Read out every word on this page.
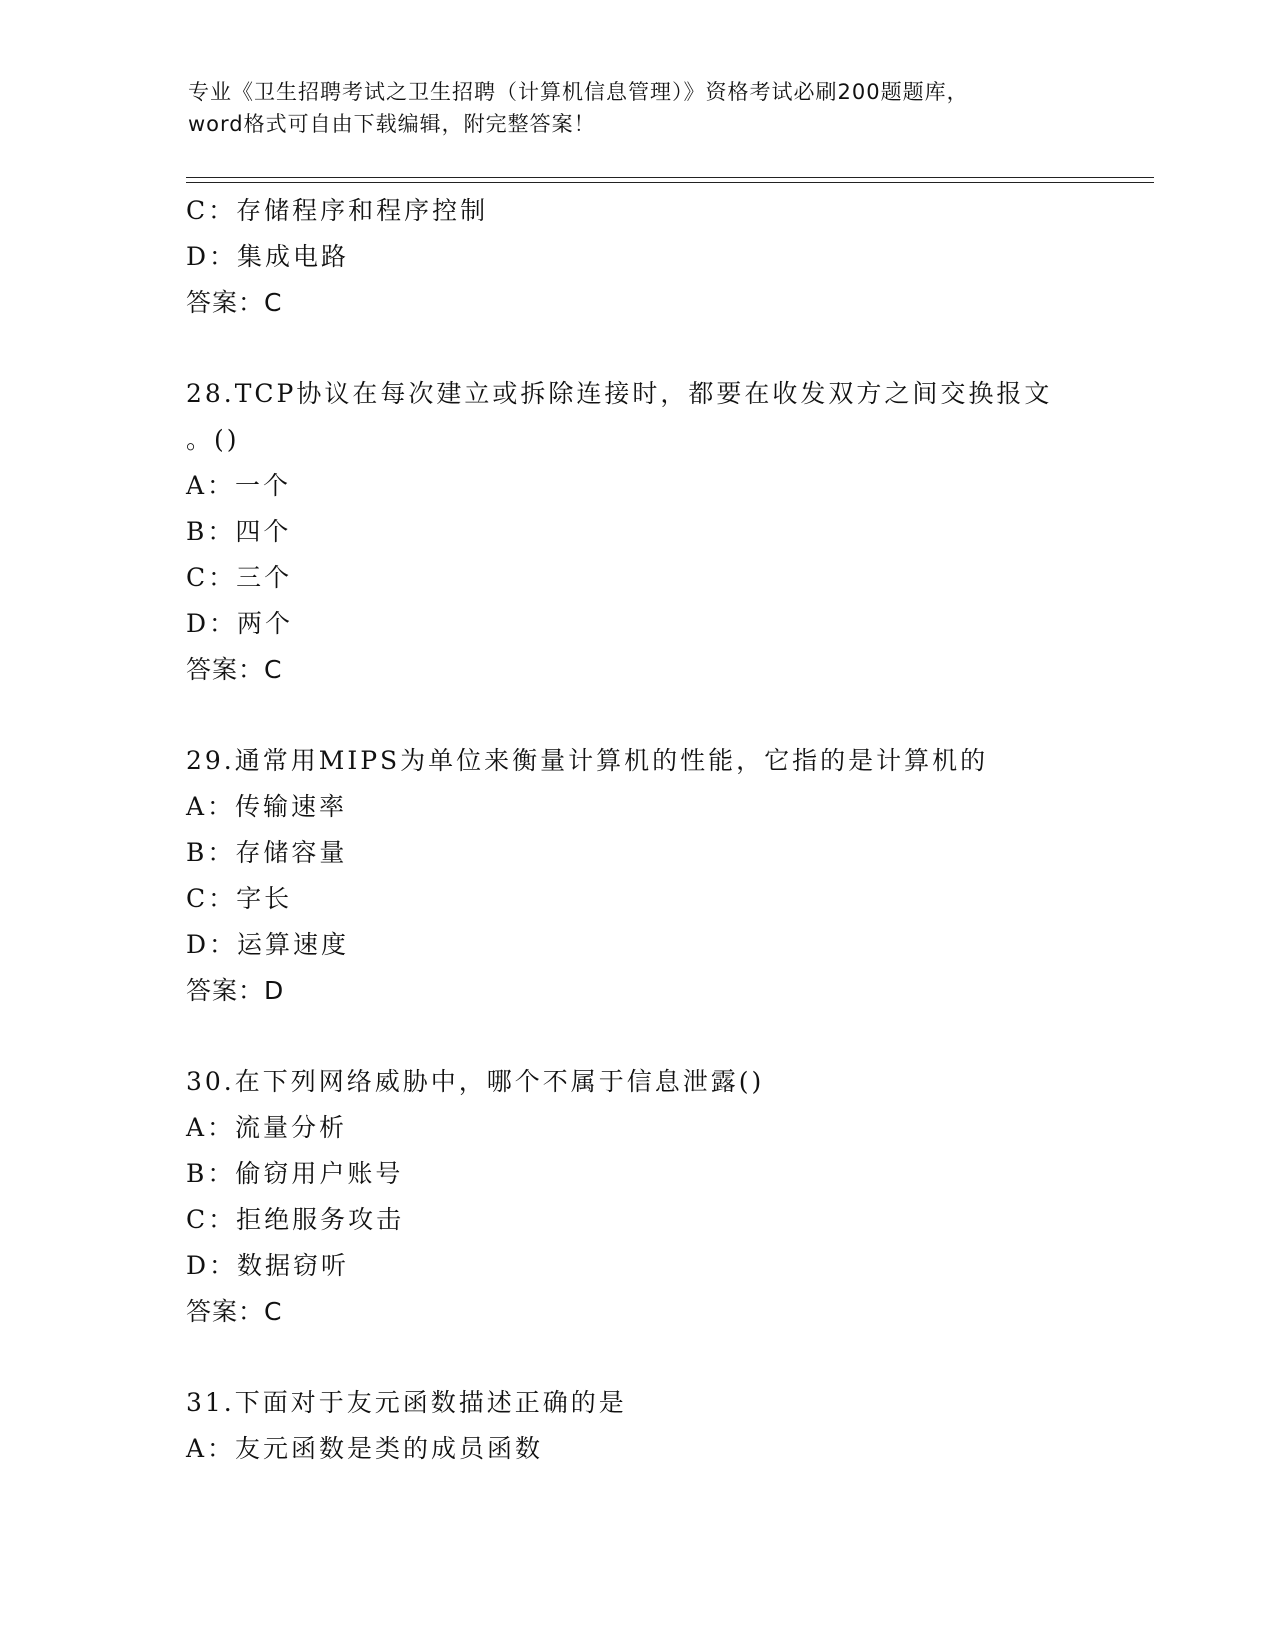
专业《卫生招聘考试之卫生招聘（计算机信息管理）》资格考试必刷200题题库，
word格式可自由下载编辑，附完整答案！
C：存储程序和程序控制
D：集成电路
答案：C
28.TCP协议在每次建立或拆除连接时，都要在收发双方之间交换报文
。()
A：一个
B：四个
C：三个
D：两个
答案：C
29.通常用MIPS为单位来衡量计算机的性能，它指的是计算机的
A：传输速率
B：存储容量
C：字长
D：运算速度
答案：D
30.在下列网络威胁中，哪个不属于信息泄露()
A：流量分析
B：偷窃用户账号
C：拒绝服务攻击
D：数据窃听
答案：C
31.下面对于友元函数描述正确的是
A：友元函数是类的成员函数
